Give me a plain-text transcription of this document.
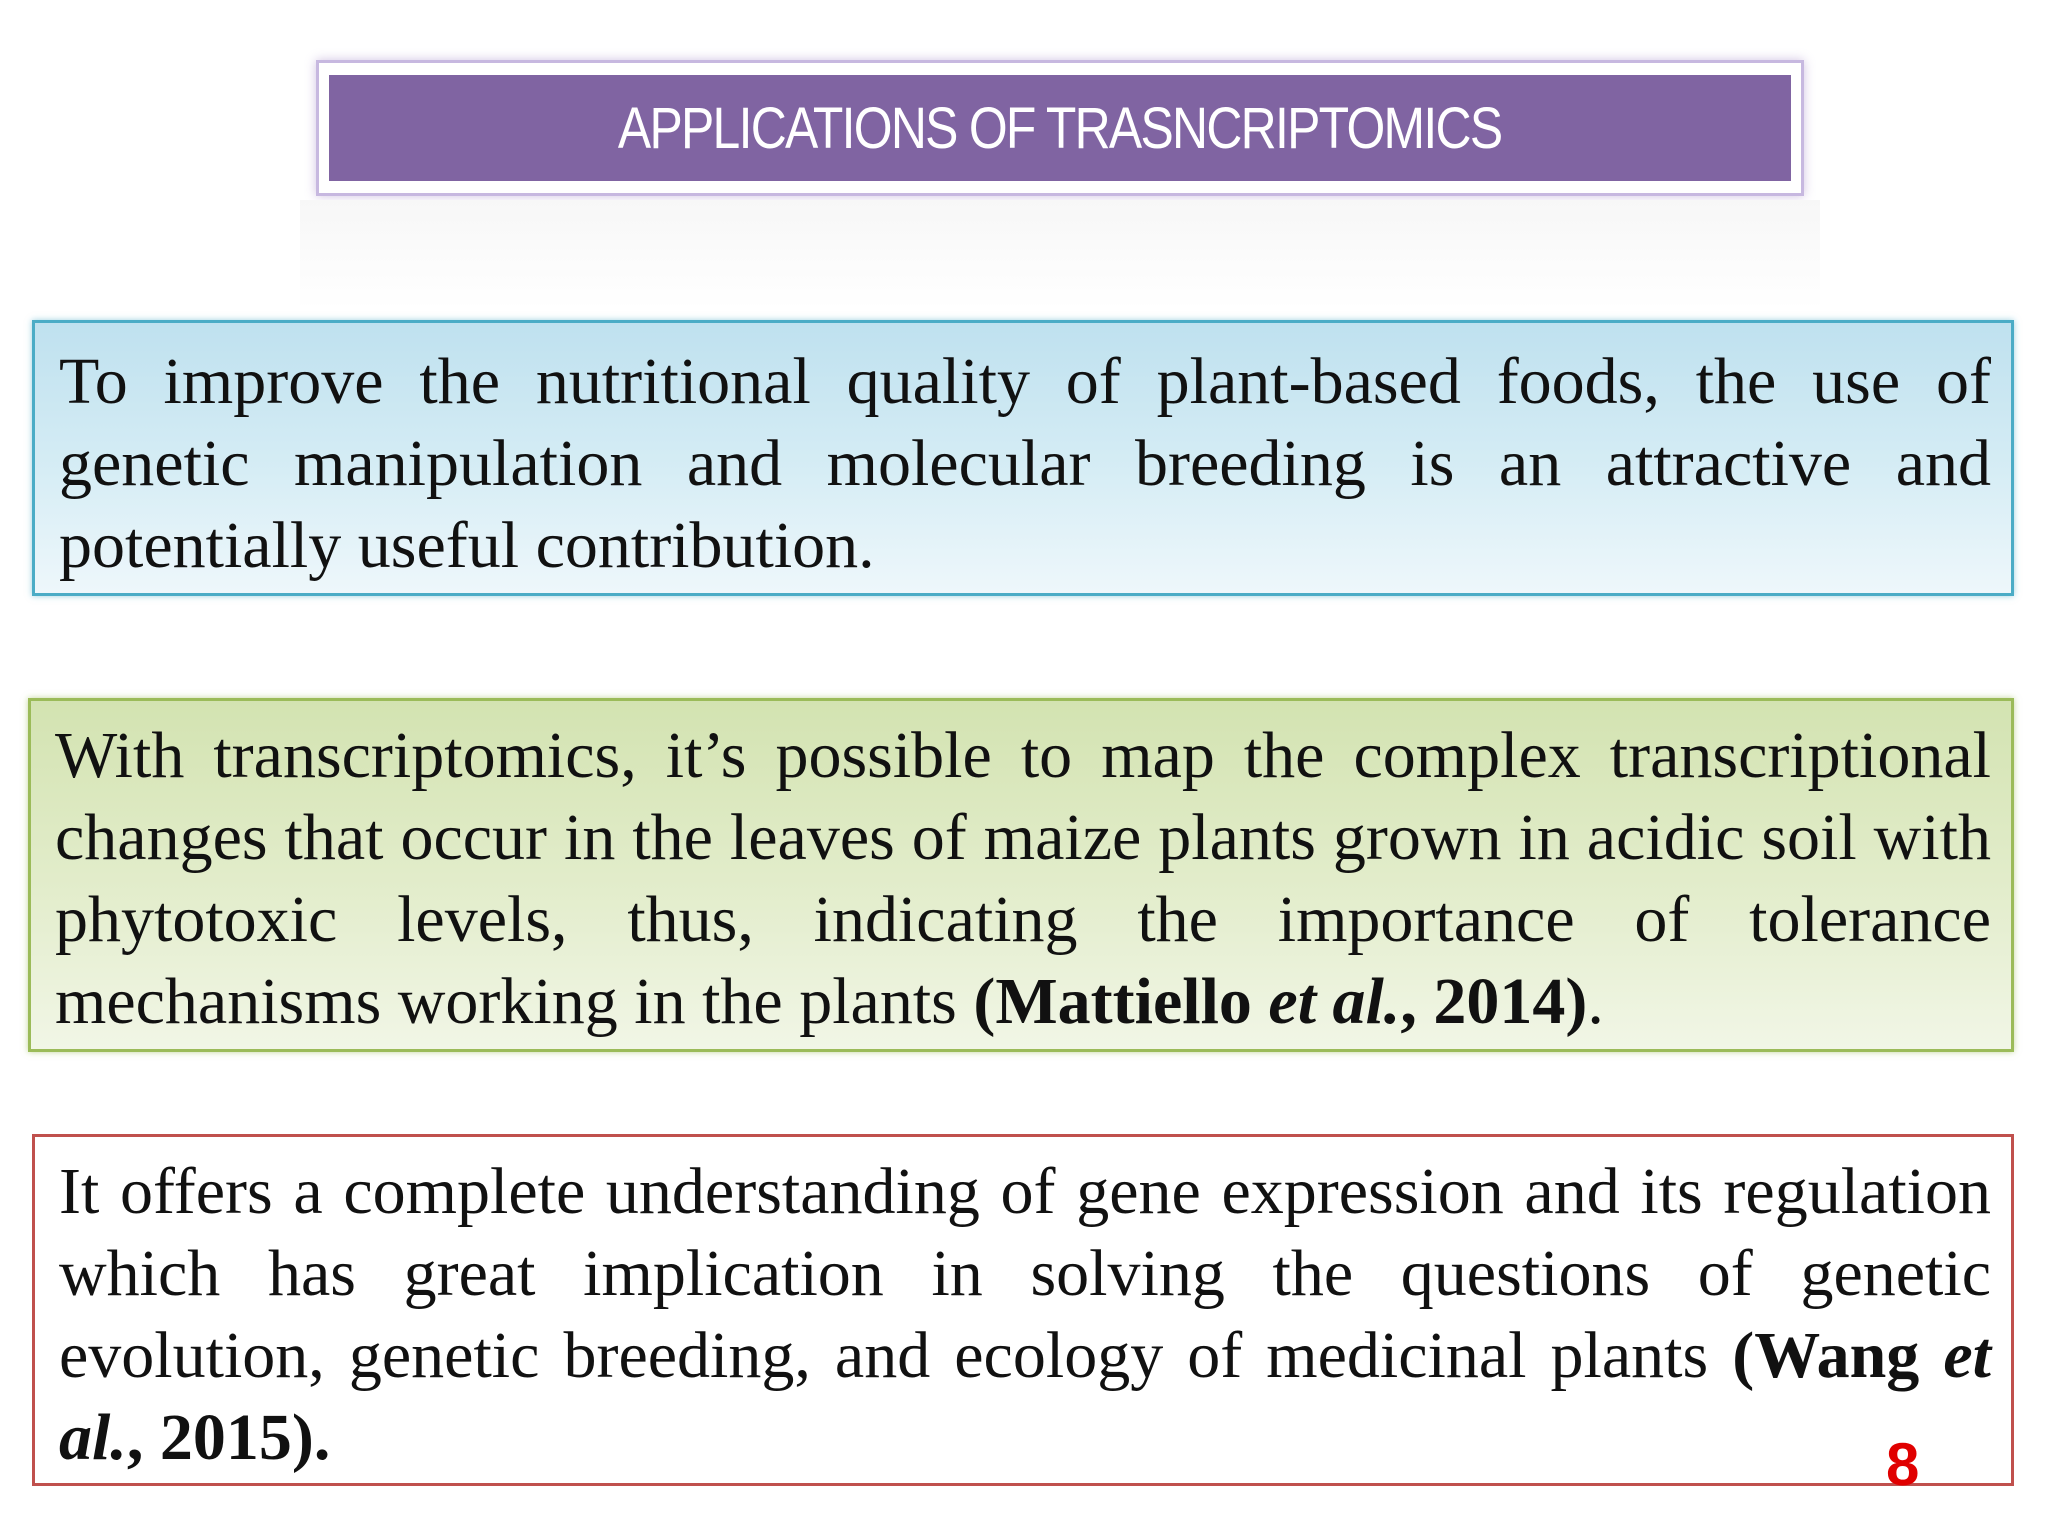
APPLICATIONS OF TRASNCRIPTOMICS

To improve the nutritional quality of plant-based foods, the use of genetic manipulation and molecular breeding is an attractive and potentially useful contribution.

With transcriptomics, it’s possible to map the complex transcriptional changes that occur in the leaves of maize plants grown in acidic soil with phytotoxic levels, thus, indicating the importance of tolerance mechanisms working in the plants (Mattiello et al., 2014).

It offers a complete understanding of gene expression and its regulation which has great implication in solving the questions of genetic evolution, genetic breeding, and ecology of medicinal plants (Wang et al., 2015).	8
